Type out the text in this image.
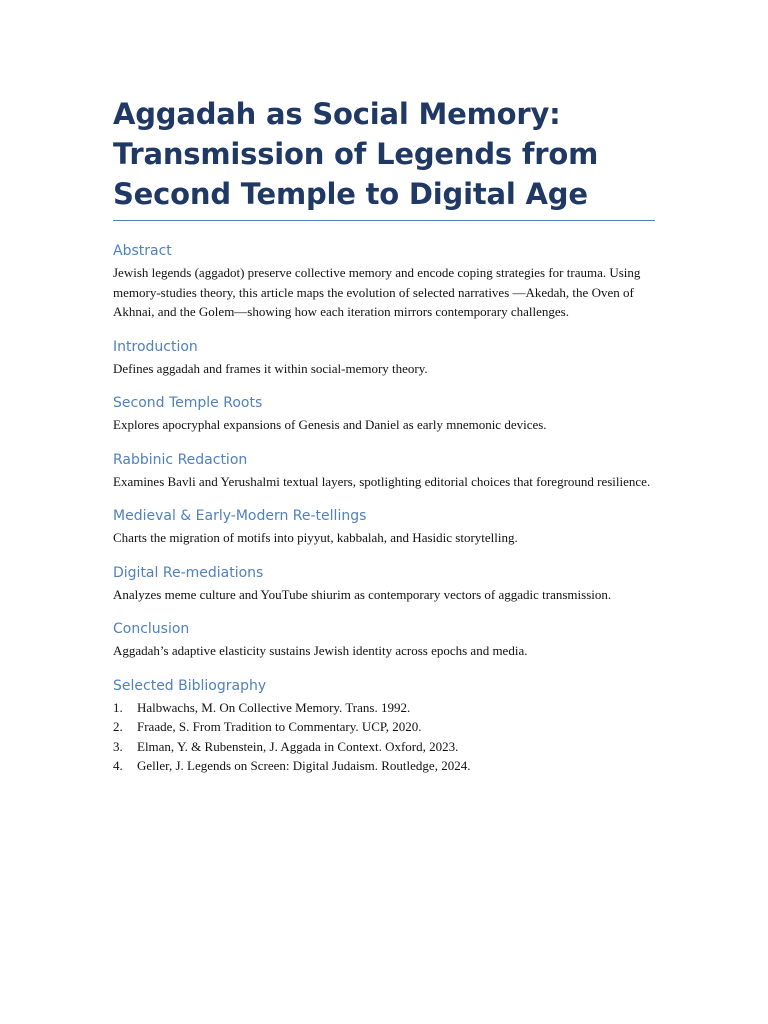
Aggadah as Social Memory: Transmission of Legends from Second Temple to Digital Age
Abstract

Jewish legends (aggadot) preserve collective memory and encode coping strategies for trauma. Using memory-studies theory, this article maps the evolution of selected narratives —Akedah, the Oven of Akhnai, and the Golem—showing how each iteration mirrors contemporary challenges.

Introduction

Defines aggadah and frames it within social-memory theory.

Second Temple Roots

Explores apocryphal expansions of Genesis and Daniel as early mnemonic devices.

Rabbinic Redaction

Examines Bavli and Yerushalmi textual layers, spotlighting editorial choices that foreground resilience.

Medieval & Early-Modern Re-tellings

Charts the migration of motifs into piyyut, kabbalah, and Hasidic storytelling.

Digital Re-mediations

Analyzes meme culture and YouTube shiurim as contemporary vectors of aggadic transmission.

Conclusion

Aggadah’s adaptive elasticity sustains Jewish identity across epochs and media.

Selected Bibliography
1.	Halbwachs, M. On Collective Memory. Trans. 1992.
2.	Fraade, S. From Tradition to Commentary. UCP, 2020.
3.	Elman, Y. & Rubenstein, J. Aggada in Context. Oxford, 2023.
4.	Geller, J. Legends on Screen: Digital Judaism. Routledge, 2024.
